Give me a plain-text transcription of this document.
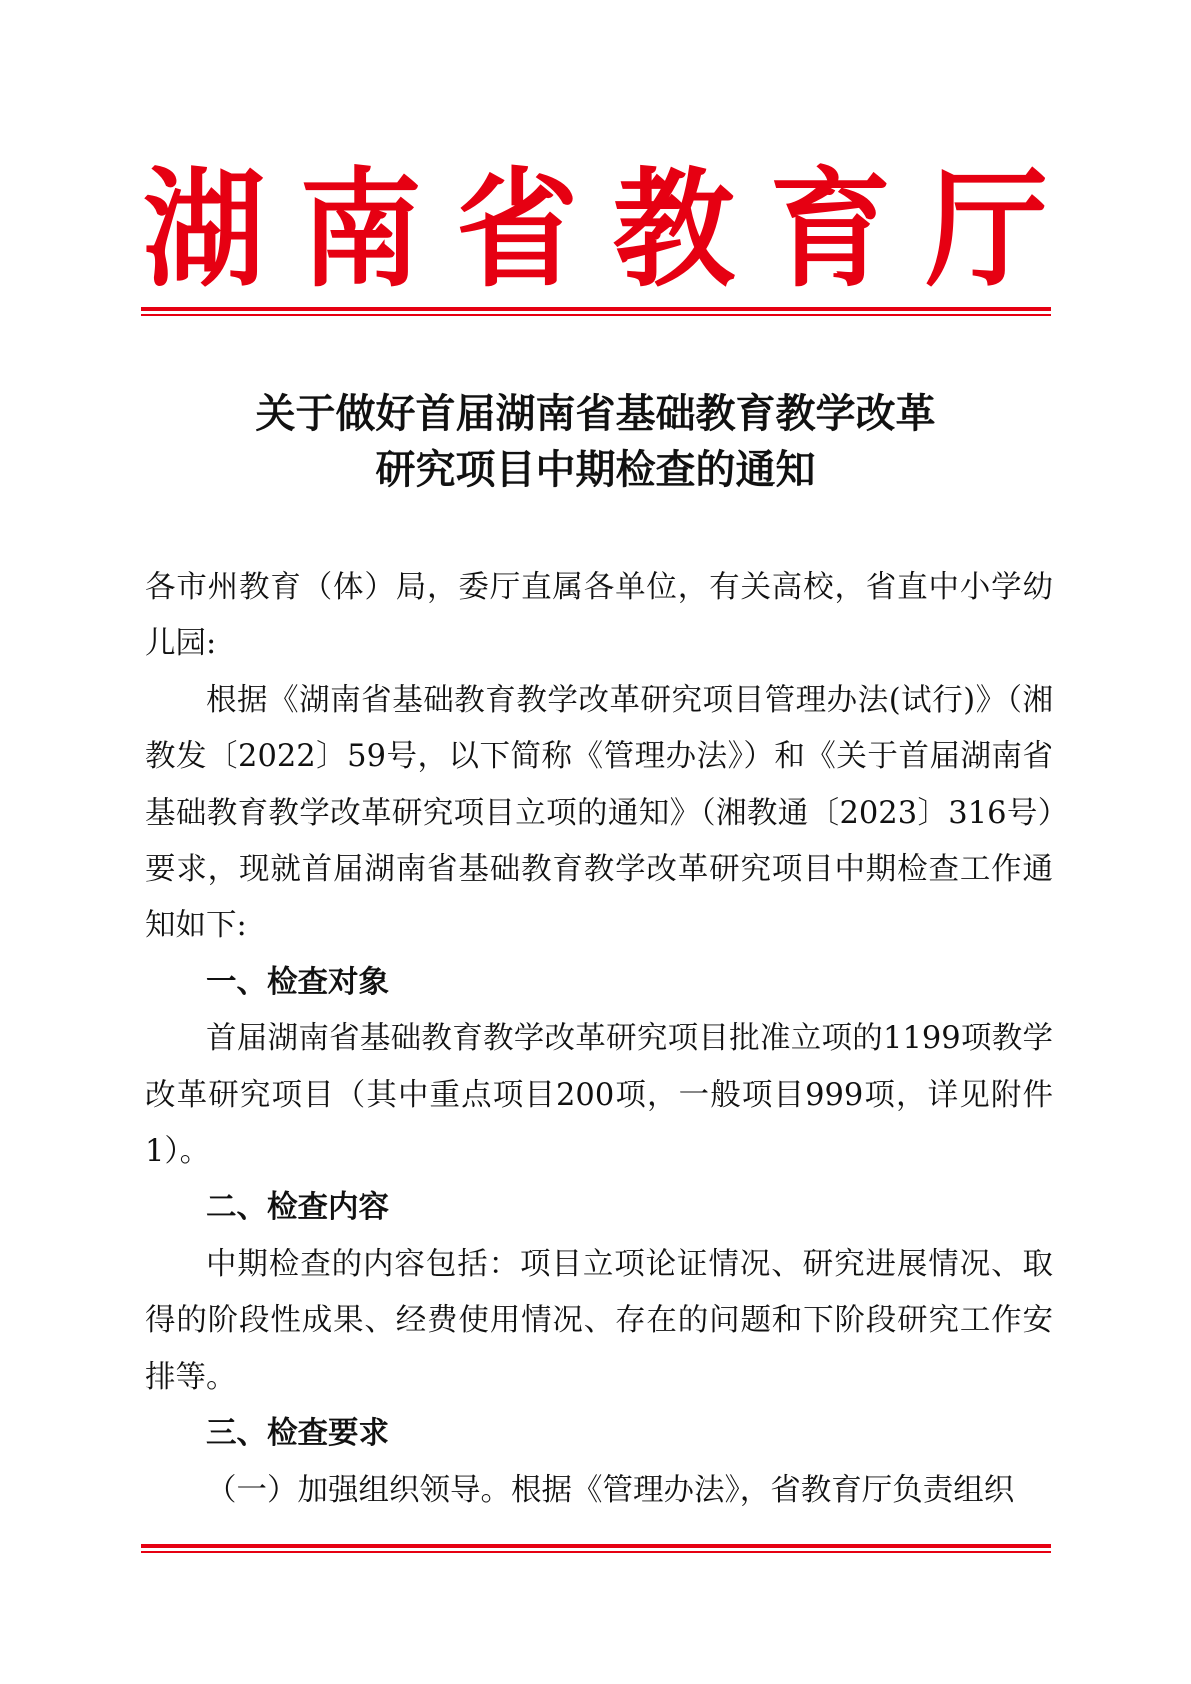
湖 南 省 教 育 厅
关于做好首届湖南省基础教育教学改革
研究项目中期检查的通知

各市州教育（体）局，委厅直属各单位，有关高校，省直中小学幼儿园:

根据《湖南省基础教育教学改革研究项目管理办法(试行)》（湘教发〔2022〕59号，以下简称《管理办法》）和《关于首届湖南省基础教育教学改革研究项目立项的通知》（湘教通〔2023〕316号）要求，现就首届湖南省基础教育教学改革研究项目中期检查工作通知如下:

一、检查对象

首届湖南省基础教育教学改革研究项目批准立项的1199项教学改革研究项目（其中重点项目200项，一般项目999项，详见附件1）。

二、检查内容

中期检查的内容包括：项目立项论证情况、研究进展情况、取得的阶段性成果、经费使用情况、存在的问题和下阶段研究工作安排等。

三、检查要求

（一）加强组织领导。根据《管理办法》，省教育厅负责组织
